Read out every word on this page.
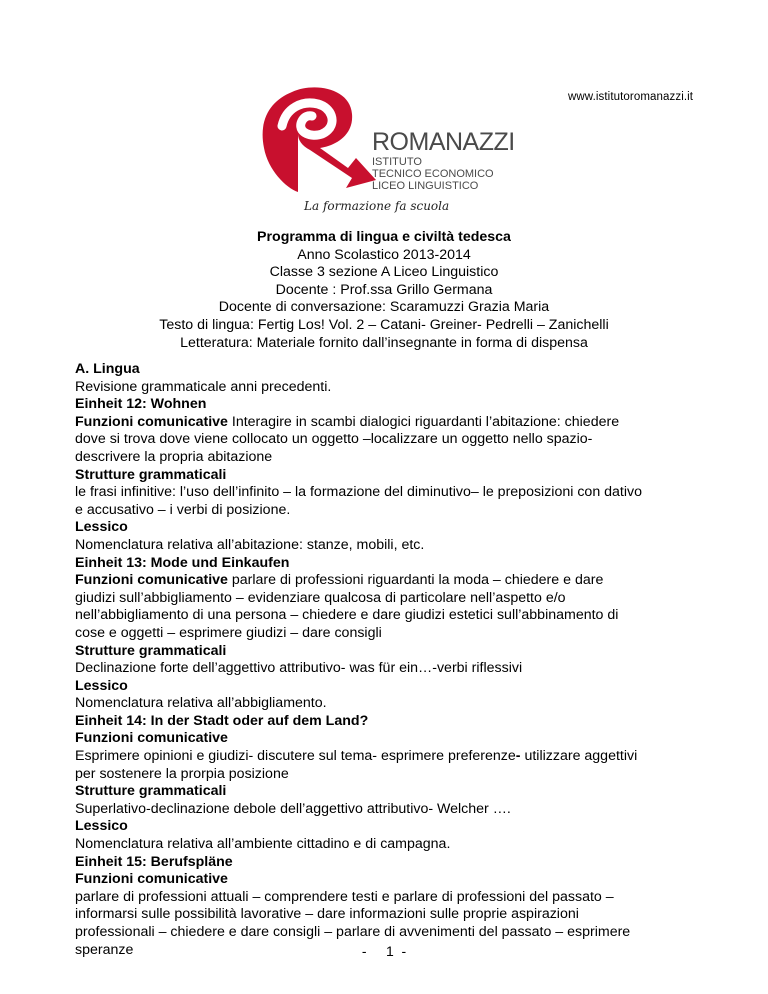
www.istitutoromanazzi.it
ROMANAZZI
ISTITUTO
TECNICO ECONOMICO
LICEO LINGUISTICO
La formazione fa scuola
Programma di lingua e civiltà tedesca
Anno Scolastico 2013-2014
Classe 3 sezione A Liceo Linguistico
Docente : Prof.ssa Grillo Germana
Docente di conversazione: Scaramuzzi Grazia Maria
Testo di lingua: Fertig Los! Vol. 2 – Catani- Greiner- Pedrelli – Zanichelli
Letteratura: Materiale fornito dall’insegnante in forma di dispensa
A. Lingua
Revisione grammaticale anni precedenti.
Einheit 12: Wohnen
Funzioni comunicative Interagire in scambi dialogici riguardanti l’abitazione: chiedere
dove si trova dove viene collocato un oggetto –localizzare un oggetto nello spazio-
descrivere la propria abitazione
Strutture grammaticali
le frasi infinitive: l’uso dell’infinito – la formazione del diminutivo– le preposizioni con dativo
e accusativo – i verbi di posizione.
Lessico
Nomenclatura relativa all’abitazione: stanze, mobili, etc.
Einheit 13: Mode und Einkaufen
Funzioni comunicative parlare di professioni riguardanti la moda – chiedere e dare
giudizi sull’abbigliamento – evidenziare qualcosa di particolare nell’aspetto e/o
nell’abbigliamento di una persona – chiedere e dare giudizi estetici sull’abbinamento di
cose e oggetti – esprimere giudizi – dare consigli
Strutture grammaticali
Declinazione forte dell’aggettivo attributivo- was für ein…-verbi riflessivi
Lessico
Nomenclatura relativa all’abbigliamento.
Einheit 14: In der Stadt oder auf dem Land?
Funzioni comunicative
Esprimere opinioni e giudizi- discutere sul tema- esprimere preferenze- utilizzare aggettivi
per sostenere la prorpia posizione
Strutture grammaticali
Superlativo-declinazione debole dell’aggettivo attributivo- Welcher ….
Lessico
Nomenclatura relativa all’ambiente cittadino e di campagna.
Einheit 15: Berufspläne
Funzioni comunicative
parlare di professioni attuali – comprendere testi e parlare di professioni del passato –
informarsi sulle possibilità lavorative – dare informazioni sulle proprie aspirazioni
professionali – chiedere e dare consigli – parlare di avvenimenti del passato – esprimere
speranze	-     1  -
